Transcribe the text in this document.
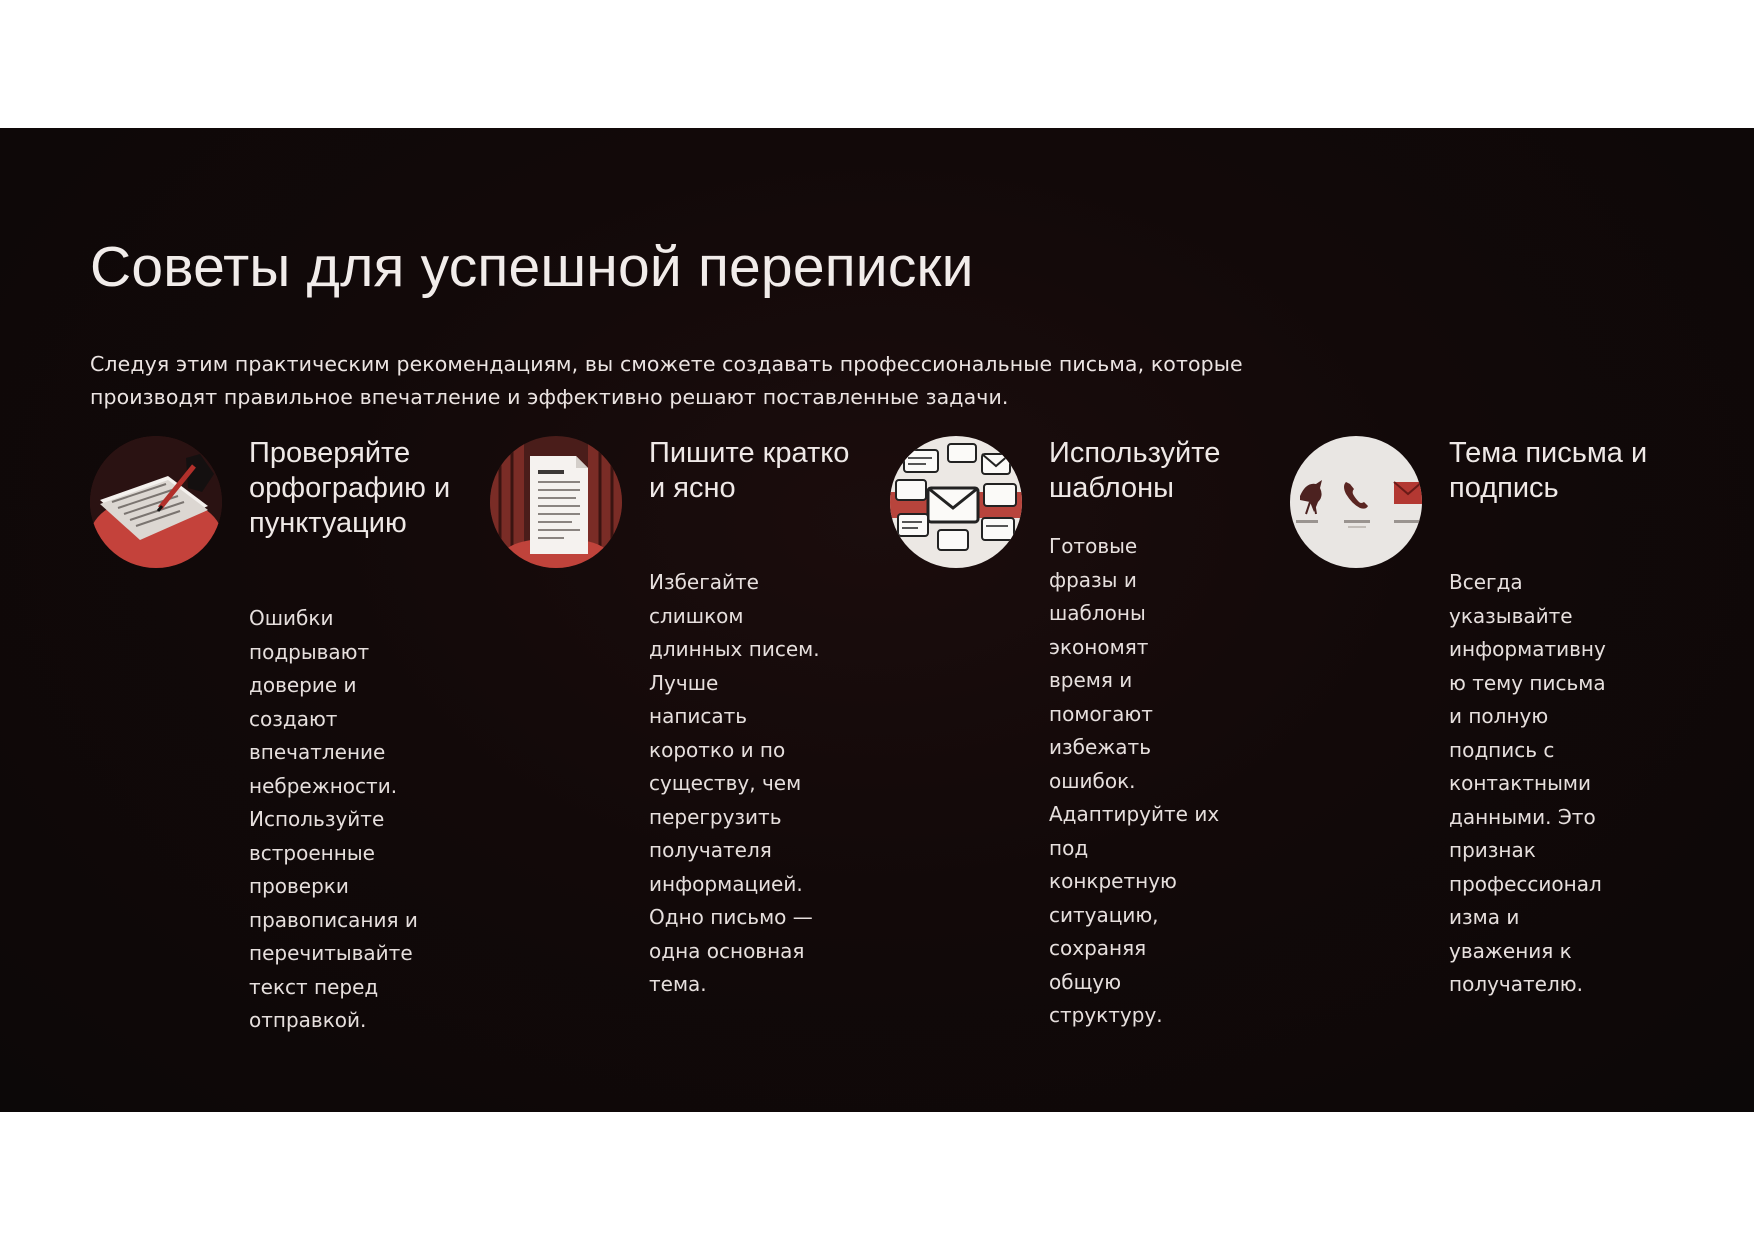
Советы для успешной переписки
Следуя этим практическим рекомендациям, вы сможете создавать профессиональные письма, которые
производят правильное впечатление и эффективно решают поставленные задачи.
Проверяйте
орфографию и
пунктуацию
Ошибки
подрывают
доверие и
создают
впечатление
небрежности.
Используйте
встроенные
проверки
правописания и
перечитывайте
текст перед
отправкой.
Пишите кратко
и ясно
Избегайте
слишком
длинных писем.
Лучше
написать
коротко и по
существу, чем
перегрузить
получателя
информацией.
Одно письмо —
одна основная
тема.
Используйте
шаблоны
Готовые
фразы и
шаблоны
экономят
время и
помогают
избежать
ошибок.
Адаптируйте их
под
конкретную
ситуацию,
сохраняя
общую
структуру.
Тема письма и
подпись
Всегда
указывайте
информативну
ю тему письма
и полную
подпись с
контактными
данными. Это
признак
профессионал
изма и
уважения к
получателю.
